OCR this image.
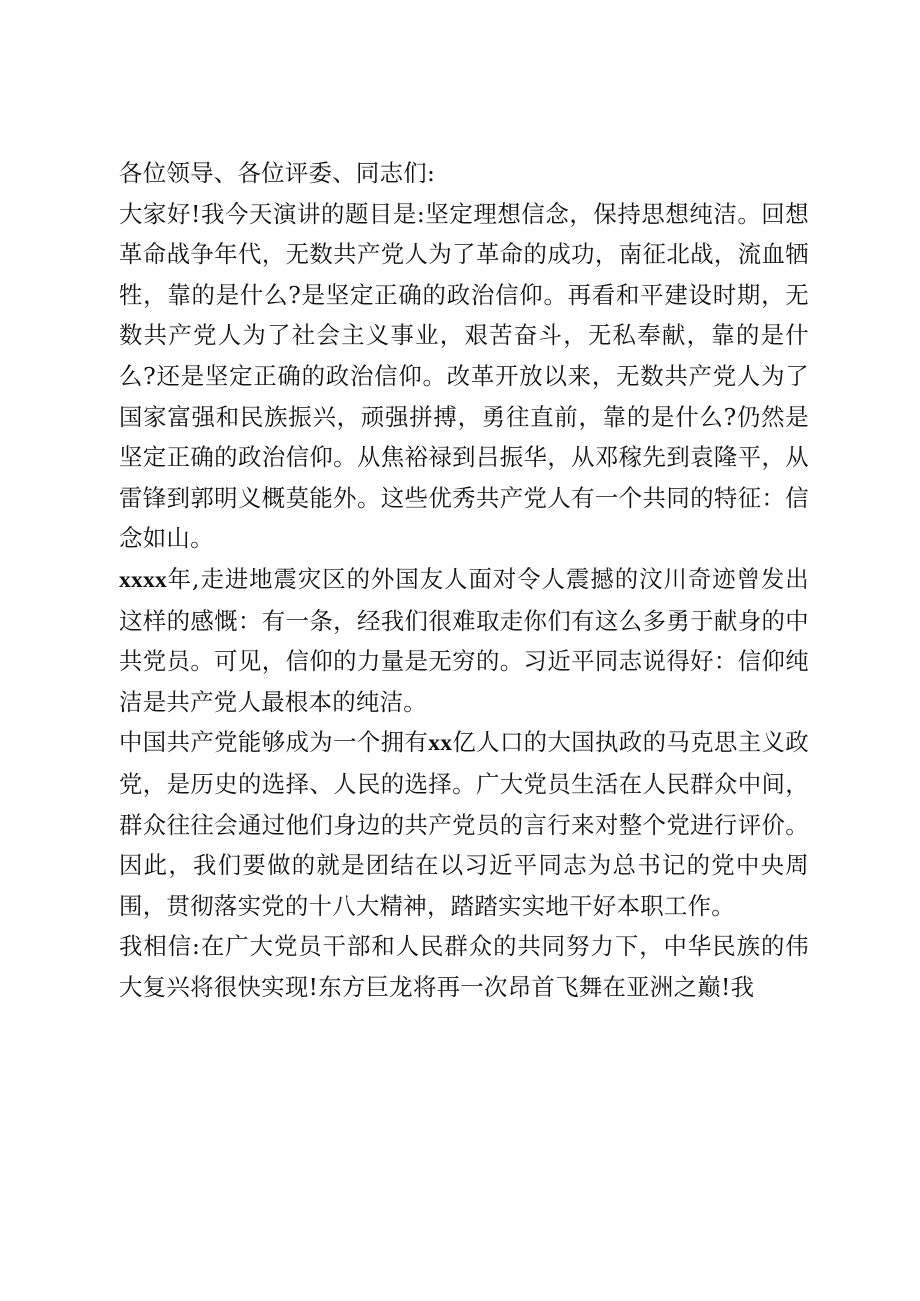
各位领导、各位评委、同志们:

大家好!我今天演讲的题目是:坚定理想信念，保持思想纯洁。回想革命战争年代，无数共产党人为了革命的成功，南征北战，流血牺牲，靠的是什么?是坚定正确的政治信仰。再看和平建设时期，无数共产党人为了社会主义事业，艰苦奋斗，无私奉献，靠的是什么?还是坚定正确的政治信仰。改革开放以来，无数共产党人为了国家富强和民族振兴，顽强拼搏，勇往直前，靠的是什么?仍然是坚定正确的政治信仰。从焦裕禄到吕振华，从邓稼先到袁隆平，从雷锋到郭明义概莫能外。这些优秀共产党人有一个共同的特征：信念如山。

xxxx年,走进地震灾区的外国友人面对令人震撼的汶川奇迹曾发出这样的感慨：有一条，经我们很难取走你们有这么多勇于献身的中共党员。可见，信仰的力量是无穷的。习近平同志说得好：信仰纯洁是共产党人最根本的纯洁。

中国共产党能够成为一个拥有xx亿人口的大国执政的马克思主义政党，是历史的选择、人民的选择。广大党员生活在人民群众中间，群众往往会通过他们身边的共产党员的言行来对整个党进行评价。因此，我们要做的就是团结在以习近平同志为总书记的党中央周围，贯彻落实党的十八大精神，踏踏实实地干好本职工作。

我相信:在广大党员干部和人民群众的共同努力下，中华民族的伟大复兴将很快实现!东方巨龙将再一次昂首飞舞在亚洲之巅!我
